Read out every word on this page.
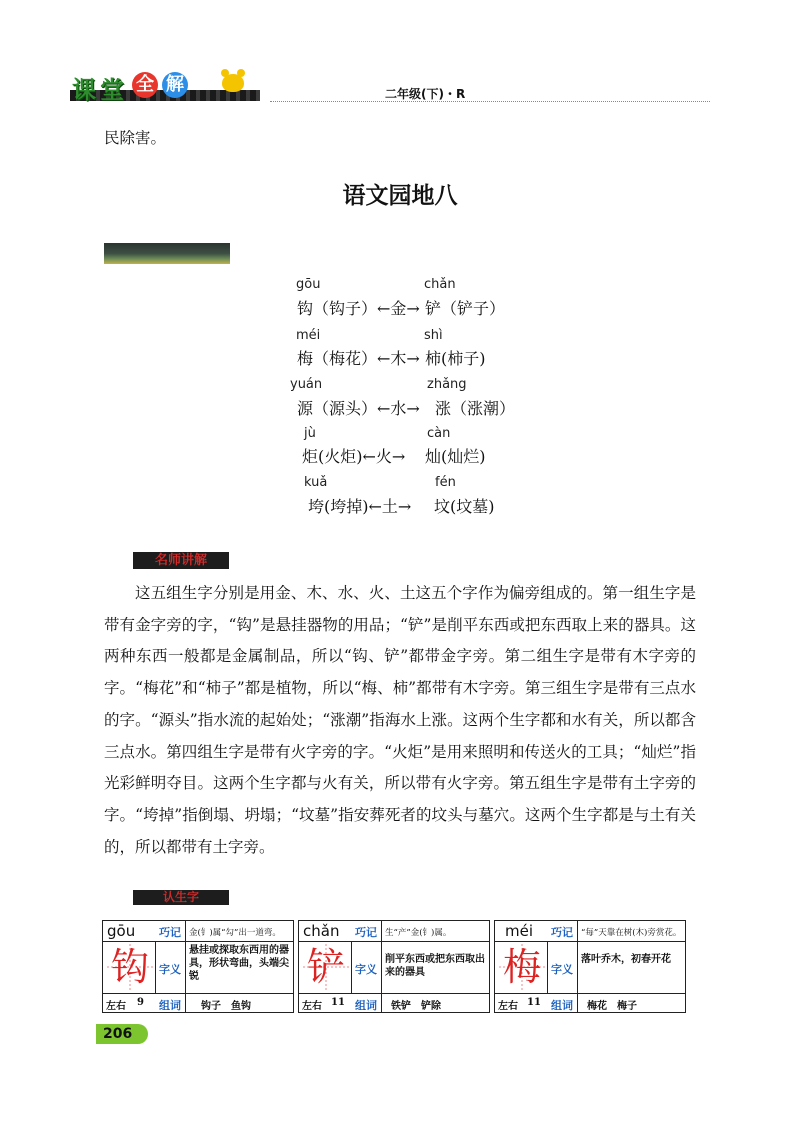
课 堂 全 解	二年级(下)・R
民除害。
语文园地八
gōu	chǎn
钩（钩子）←金→ 铲（铲子）
méi	shì
梅（梅花）←木→ 柿(柿子)
yuán	zhǎng
源（源头）←水→ 涨（涨潮）
jù	càn
炬(火炬)←火→ 灿(灿烂)
kuǎ	fén
垮(垮掉)←土→ 坟(坟墓)
名师讲解
这五组生字分别是用金、木、水、火、土这五个字作为偏旁组成的。第一组生字是带有金字旁的字，“钩”是悬挂器物的用品；“铲”是削平东西或把东西取上来的器具。这两种东西一般都是金属制品，所以“钩、铲”都带金字旁。第二组生字是带有木字旁的字。“梅花”和“柿子”都是植物，所以“梅、柿”都带有木字旁。第三组生字是带有三点水的字。“源头”指水流的起始处；“涨潮”指海水上涨。这两个生字都和水有关，所以都含三点水。第四组生字是带有火字旁的字。“火炬”是用来照明和传送火的工具；“灿烂”指光彩鲜明夺目。这两个生字都与火有关，所以带有火字旁。第五组生字是带有土字旁的字。“垮掉”指倒塌、坍塌；“坟墓”指安葬死者的坟头与墓穴。这两个生字都是与土有关的，所以都带有土字旁。
认生字
gōu 巧记 金(钅)属“勾”出一道弯。
钩 字义
悬挂或探取东西用的器具，形状弯曲，头端尖锐
左右 9 组词 钩子　鱼钩
chǎn 巧记 生“产”金(钅)属。
铲 字义
削平东西或把东西取出来的器具
左右 11 组词 铁铲　铲除
méi 巧记 “每”天靠在树(木)旁赏花。
梅 字义
落叶乔木，初春开花
左右 11 组词 梅花　梅子
206
